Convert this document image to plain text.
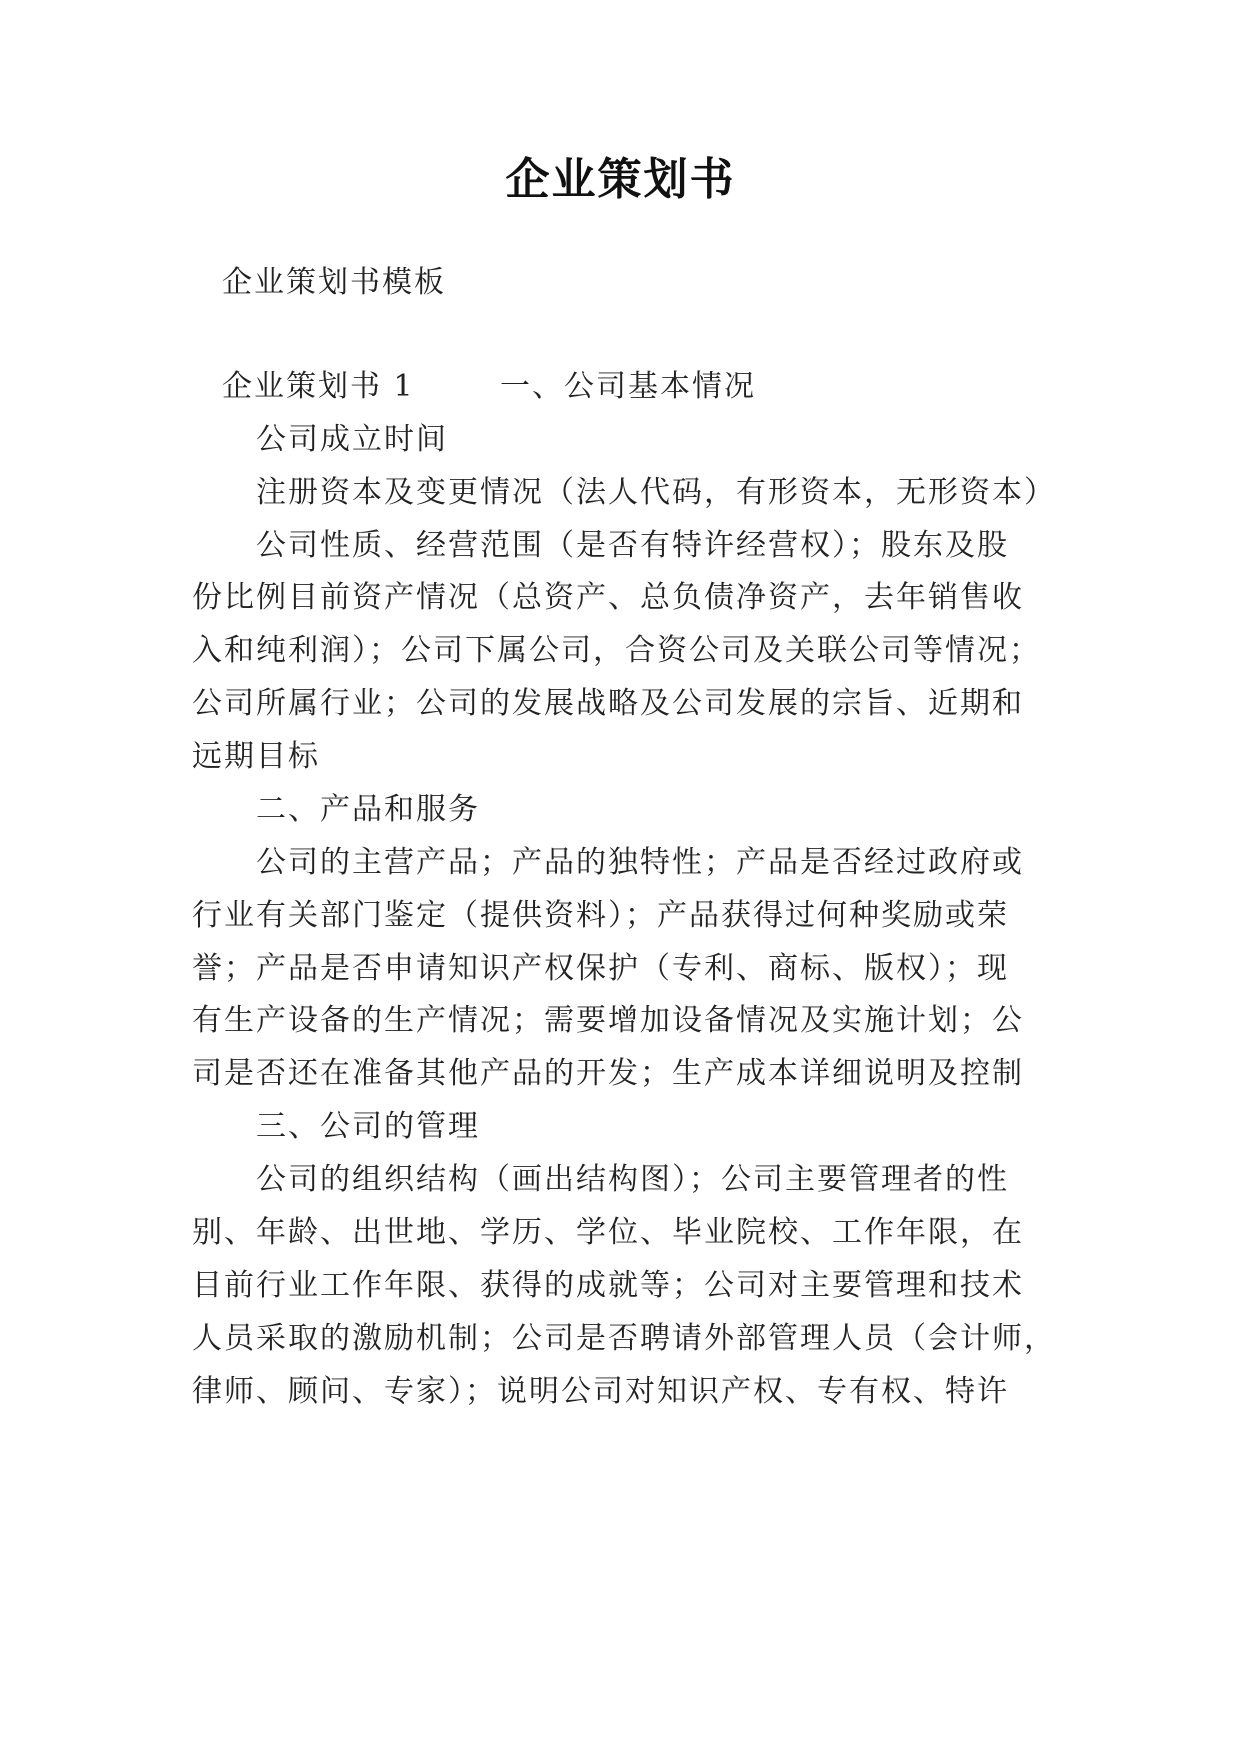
企业策划书
企业策划书模板
企业策划书 1	一、公司基本情况
公司成立时间
注册资本及变更情况（法人代码，有形资本，无形资本）
公司性质、经营范围（是否有特许经营权）；股东及股
份比例目前资产情况（总资产、总负债净资产，去年销售收
入和纯利润）；公司下属公司，合资公司及关联公司等情况；
公司所属行业；公司的发展战略及公司发展的宗旨、近期和
远期目标
二、产品和服务
公司的主营产品；产品的独特性；产品是否经过政府或
行业有关部门鉴定（提供资料）；产品获得过何种奖励或荣
誉；产品是否申请知识产权保护（专利、商标、版权）；现
有生产设备的生产情况；需要增加设备情况及实施计划；公
司是否还在准备其他产品的开发；生产成本详细说明及控制
三、公司的管理
公司的组织结构（画出结构图）；公司主要管理者的性
别、年龄、出世地、学历、学位、毕业院校、工作年限，在
目前行业工作年限、获得的成就等；公司对主要管理和技术
人员采取的激励机制；公司是否聘请外部管理人员（会计师，
律师、顾问、专家）；说明公司对知识产权、专有权、特许
